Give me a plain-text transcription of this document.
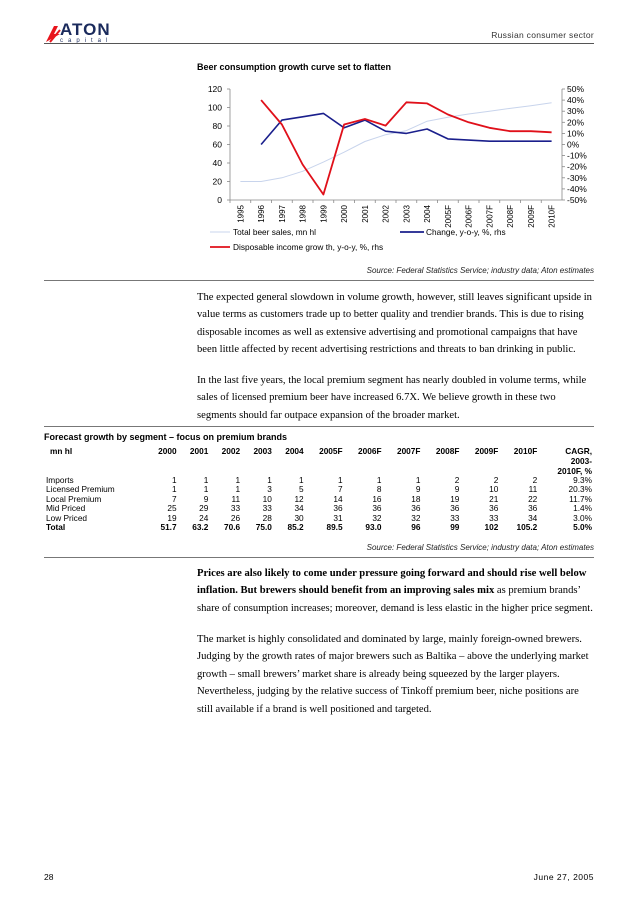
ATON
capital
Russian consumer sector
Beer consumption growth curve set to flatten
0
20
40
60
80
100
120
-50%
-40%
-30%
-20%
-10%
0%
10%
20%
30%
40%
50%
1995 1996 1997 1998 1999 2000 2001 2002 2003 2004 2005F 2006F 2007F 2008F 2009F 2010F
Total beer sales, mn hl	Change, y-o-y, %, rhs
Disposable income grow th, y-o-y, %, rhs
Source: Federal Statistics Service; industry data; Aton estimates
The expected general slowdown in volume growth, however, still leaves significant upside in value terms as customers trade up to better quality and trendier brands. This is due to rising disposable incomes as well as extensive advertising and promotional campaigns that have been little affected by recent advertising restrictions and threats to ban drinking in public.
In the last five years, the local premium segment has nearly doubled in volume terms, while sales of licensed premium beer have increased 6.7X. We believe growth in these two segments should far outpace expansion of the broader market.
Forecast growth by segment – focus on premium brands
mn hl	2000	2001	2002	2003	2004	2005F	2006F	2007F	2008F	2009F	2010F	CAGR,
2003-
2010F, %
Imports	1	1	1	1	1	1	1	1	2	2	2	9.3%
Licensed Premium	1	1	1	3	5	7	8	9	9	10	11	20.3%
Local Premium	7	9	11	10	12	14	16	18	19	21	22	11.7%
Mid Priced	25	29	33	33	34	36	36	36	36	36	36	1.4%
Low Priced	19	24	26	28	30	31	32	32	33	33	34	3.0%
Total	51.7	63.2	70.6	75.0	85.2	89.5	93.0	96	99	102	105.2	5.0%
Source: Federal Statistics Service; industry data; Aton estimates
Prices are also likely to come under pressure going forward and should rise well below inflation. But brewers should benefit from an improving sales mix as premium brands’ share of consumption increases; moreover, demand is less elastic in the higher price segment.
The market is highly consolidated and dominated by large, mainly foreign-owned brewers. Judging by the growth rates of major brewers such as Baltika – above the underlying market growth – small brewers’ market share is already being squeezed by the larger players. Nevertheless, judging by the relative success of Tinkoff premium beer, niche positions are still available if a brand is well positioned and targeted.
28	June 27, 2005
